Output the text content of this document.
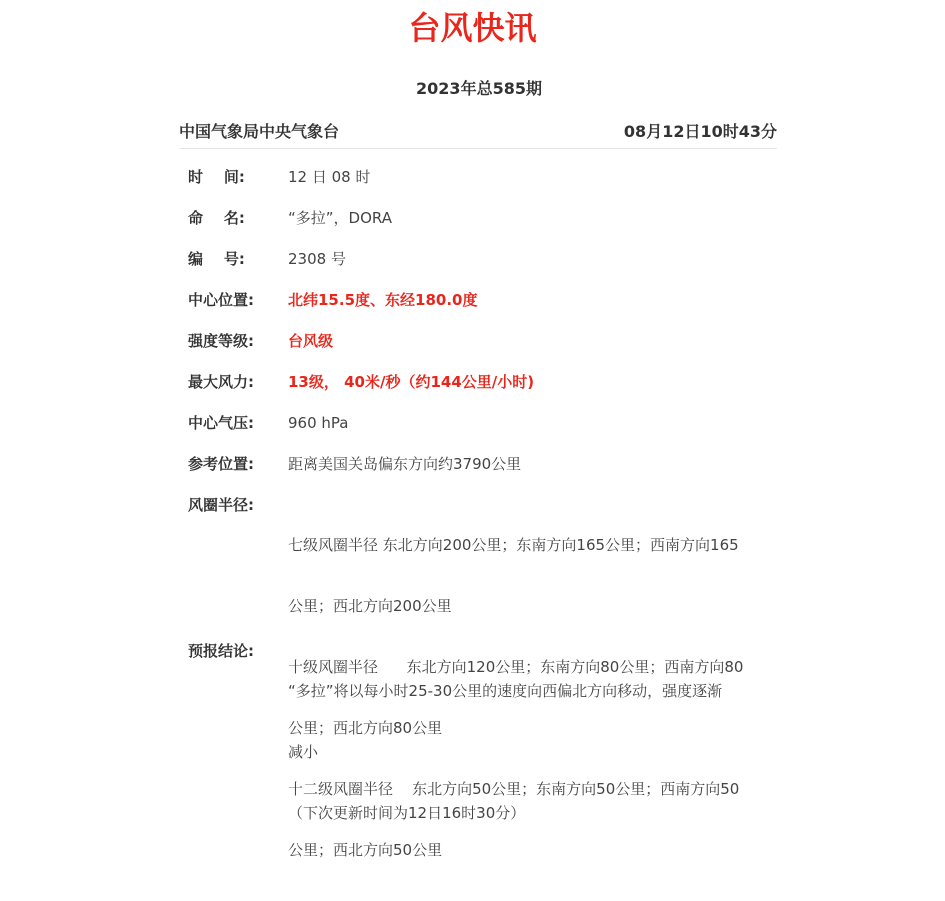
台风快讯
2023年总585期
中国气象局中央气象台	08月12日10时43分
时    间:	12 日 08 时
命    名:	“多拉”，DORA
编    号:	2308 号
中心位置:	北纬15.5度、东经180.0度
强度等级:	台风级
最大风力:	13级， 40米/秒（约144公里/小时)
中心气压:	960 hPa
参考位置:	距离美国关岛偏东方向约3790公里
风圈半径:

七级风圈半径 东北方向200公里；东南方向165公里；西南方向165

公里；西北方向200公里

十级风圈半径      东北方向120公里；东南方向80公里；西南方向80

公里；西北方向80公里

十二级风圈半径    东北方向50公里；东南方向50公里；西南方向50

公里；西北方向50公里

预报结论:

“多拉”将以每小时25-30公里的速度向西偏北方向移动，强度逐渐

减小

（下次更新时间为12日16时30分）
